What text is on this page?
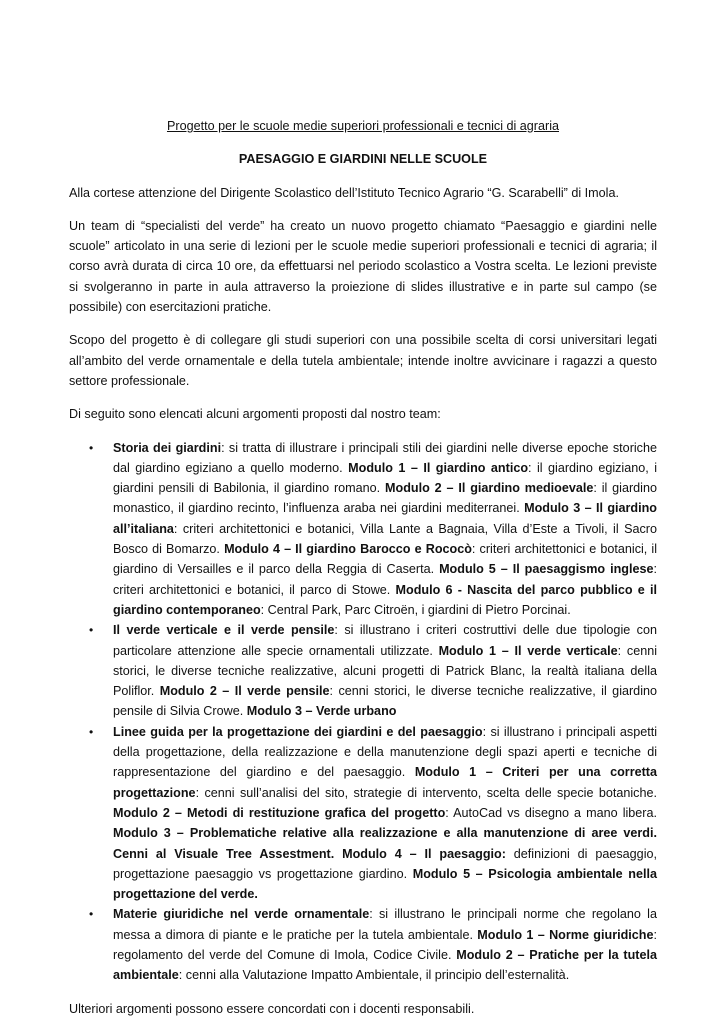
Progetto per le scuole medie superiori professionali e tecnici di agraria

PAESAGGIO E GIARDINI NELLE SCUOLE

Alla cortese attenzione del Dirigente Scolastico dell’Istituto Tecnico Agrario “G. Scarabelli” di Imola.

Un team di “specialisti del verde” ha creato un nuovo progetto chiamato “Paesaggio e giardini nelle scuole” articolato in una serie di lezioni per le scuole medie superiori professionali e tecnici di agraria; il corso avrà durata di circa 10 ore, da effettuarsi nel periodo scolastico a Vostra scelta. Le lezioni previste si svolgeranno in parte in aula attraverso la proiezione di slides illustrative e in parte sul campo (se possibile) con esercitazioni pratiche.

Scopo del progetto è di collegare gli studi superiori con una possibile scelta di corsi universitari legati all’ambito del verde ornamentale e della tutela ambientale; intende inoltre avvicinare i ragazzi a questo settore professionale.

Di seguito sono elencati alcuni argomenti proposti dal nostro team:

• Storia dei giardini: si tratta di illustrare i principali stili dei giardini nelle diverse epoche storiche dal giardino egiziano a quello moderno. Modulo 1 – Il giardino antico: il giardino egiziano, i giardini pensili di Babilonia, il giardino romano. Modulo 2 – Il giardino medioevale: il giardino monastico, il giardino recinto, l’influenza araba nei giardini mediterranei. Modulo 3 – Il giardino all’italiana: criteri architettonici e botanici, Villa Lante a Bagnaia, Villa d’Este a Tivoli, il Sacro Bosco di Bomarzo. Modulo 4 – Il giardino Barocco e Rococò: criteri architettonici e botanici, il giardino di Versailles e il parco della Reggia di Caserta. Modulo 5 – Il paesaggismo inglese: criteri architettonici e botanici, il parco di Stowe. Modulo 6 - Nascita del parco pubblico e il giardino contemporaneo: Central Park, Parc Citroën, i giardini di Pietro Porcinai.
• Il verde verticale e il verde pensile: si illustrano i criteri costruttivi delle due tipologie con particolare attenzione alle specie ornamentali utilizzate. Modulo 1 – Il verde verticale: cenni storici, le diverse tecniche realizzative, alcuni progetti di Patrick Blanc, la realtà italiana della Poliflor. Modulo 2 – Il verde pensile: cenni storici, le diverse tecniche realizzative, il giardino pensile di Silvia Crowe. Modulo 3 – Verde urbano
• Linee guida per la progettazione dei giardini e del paesaggio: si illustrano i principali aspetti della progettazione, della realizzazione e della manutenzione degli spazi aperti e tecniche di rappresentazione del giardino e del paesaggio. Modulo 1 – Criteri per una corretta progettazione: cenni sull’analisi del sito, strategie di intervento, scelta delle specie botaniche. Modulo 2 – Metodi di restituzione grafica del progetto: AutoCad vs disegno a mano libera. Modulo 3 – Problematiche relative alla realizzazione e alla manutenzione di aree verdi. Cenni al Visuale Tree Assestment. Modulo 4 – Il paesaggio: definizioni di paesaggio, progettazione paesaggio vs progettazione giardino. Modulo 5 – Psicologia ambientale nella progettazione del verde.
• Materie giuridiche nel verde ornamentale: si illustrano le principali norme che regolano la messa a dimora di piante e le pratiche per la tutela ambientale. Modulo 1 – Norme giuridiche: regolamento del verde del Comune di Imola, Codice Civile. Modulo 2 – Pratiche per la tutela ambientale: cenni alla Valutazione Impatto Ambientale, il principio dell’esternalità.

Ulteriori argomenti possono essere concordati con i docenti responsabili.
